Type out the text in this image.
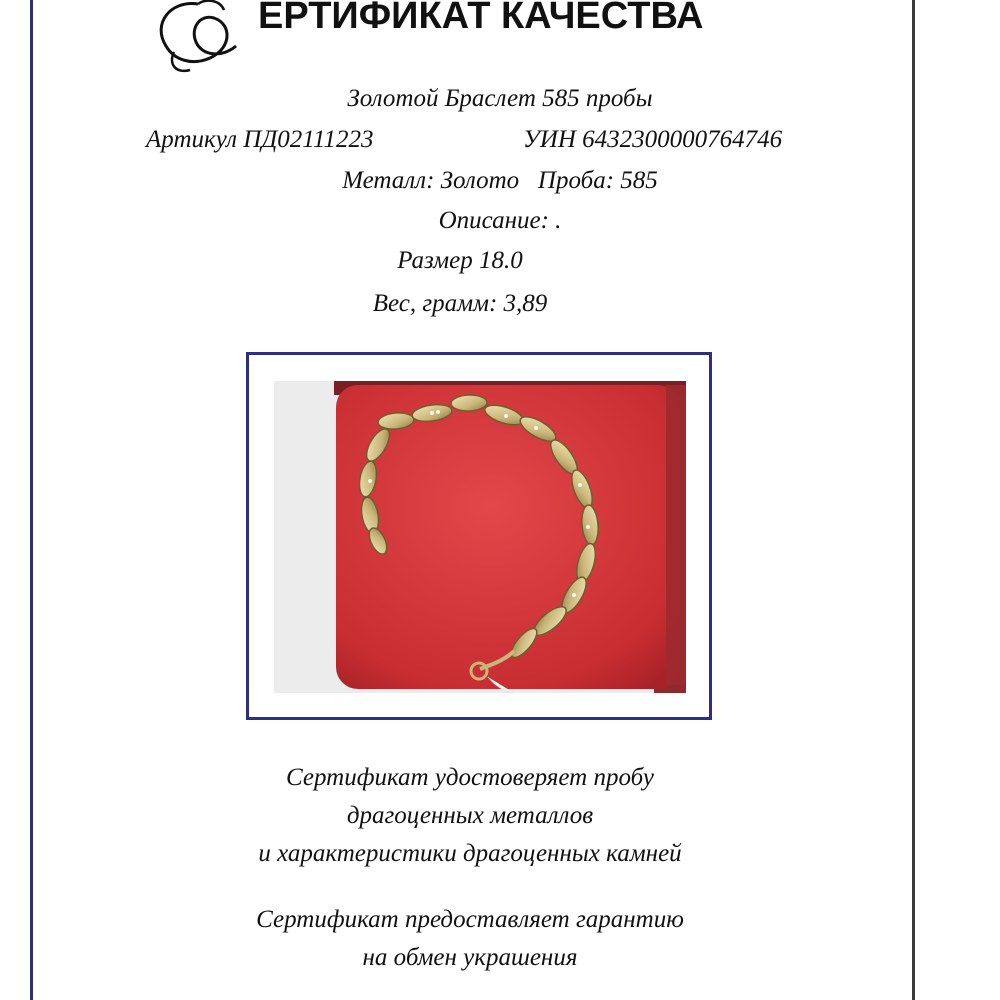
ЕРТИФИКАТ КАЧЕСТВА
Золотой Браслет 585 пробы
Артикул ПД02111223	УИН 6432300000764746
Металл: Золото   Проба: 585
Описание: .
Размер 18.0
Вес, грамм: 3,89
Сертификат удостоверяет пробу
драгоценных металлов
и характеристики драгоценных камней
Сертификат предоставляет гарантию
на обмен украшения
